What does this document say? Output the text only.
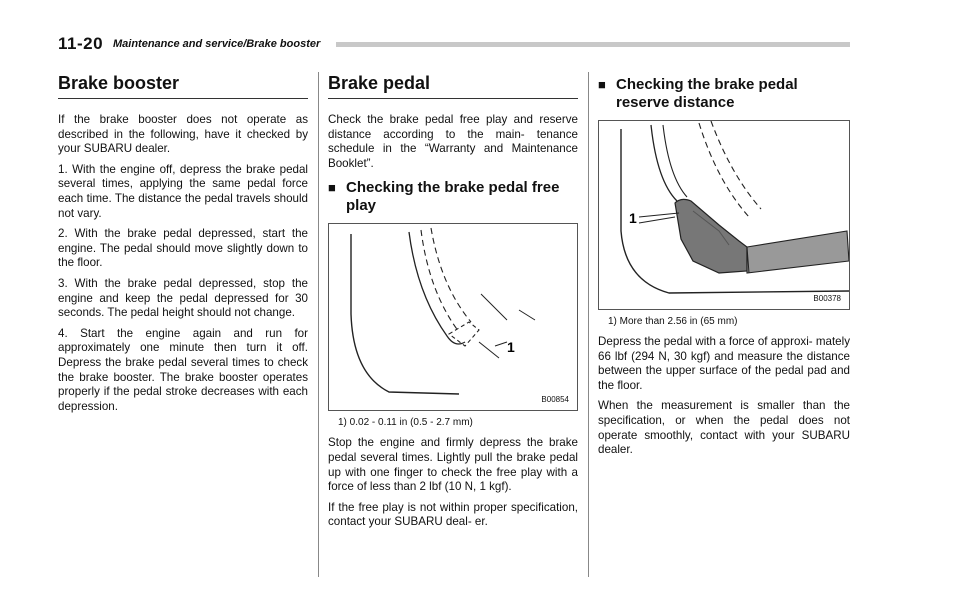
11-20 Maintenance and service/Brake booster
Brake booster

If the brake booster does not operate as described in the following, have it checked by your SUBARU dealer.

1. With the engine off, depress the brake pedal several times, applying the same pedal force each time. The distance the pedal travels should not vary.

2. With the brake pedal depressed, start the engine. The pedal should move slightly down to the floor.

3. With the brake pedal depressed, stop the engine and keep the pedal depressed for 30 seconds. The pedal height should not change.

4. Start the engine again and run for approximately one minute then turn it off. Depress the brake pedal several times to check the brake booster. The brake booster operates properly if the pedal stroke decreases with each depression.

Brake pedal

Check the brake pedal free play and reserve distance according to the main- tenance schedule in the “Warranty and Maintenance Booklet”.

■ Checking the brake pedal free play
1
B00854
1) 0.02 - 0.11 in (0.5 - 2.7 mm)

Stop the engine and firmly depress the brake pedal several times. Lightly pull the brake pedal up with one finger to check the free play with a force of less than 2 lbf (10 N, 1 kgf).

If the free play is not within proper specification, contact your SUBARU deal- er.

■ Checking the brake pedal reserve distance
1
B00378
1) More than 2.56 in (65 mm)

Depress the pedal with a force of approxi- mately 66 lbf (294 N, 30 kgf) and measure the distance between the upper surface of the pedal pad and the floor.

When the measurement is smaller than the specification, or when the pedal does not operate smoothly, contact with your SUBARU dealer.
